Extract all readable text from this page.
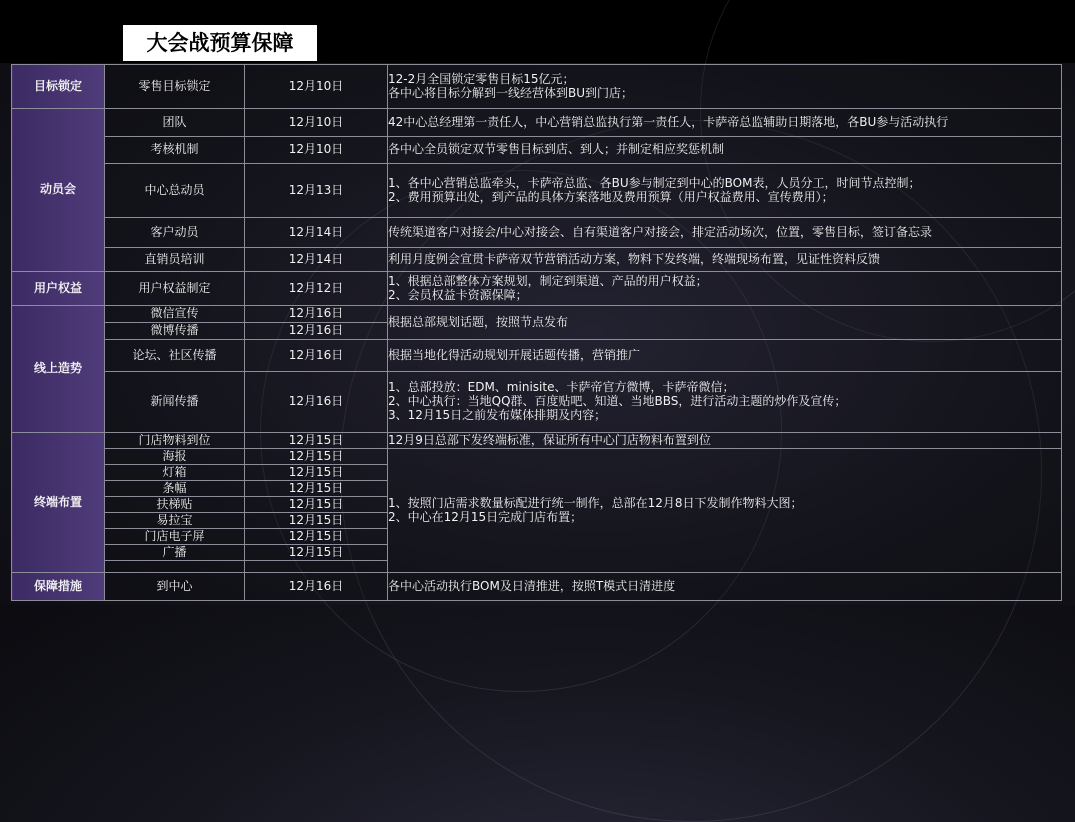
大会战预算保障
目标锁定	零售目标锁定	12月10日	12-2月全国锁定零售目标15亿元；
各中心将目标分解到一线经营体到BU到门店；

动员会	团队	12月10日	42中心总经理第一责任人，中心营销总监执行第一责任人，卡萨帝总监辅助日期落地，各BU参与活动执行

	考核机制	12月10日	各中心全员锁定双节零售目标到店、到人；并制定相应奖惩机制

	中心总动员	12月13日	1、各中心营销总监牵头，卡萨帝总监、各BU参与制定到中心的BOM表，人员分工，时间节点控制；
2、费用预算出处，到产品的具体方案落地及费用预算（用户权益费用、宣传费用）；

	客户动员	12月14日	传统渠道客户对接会/中心对接会、自有渠道客户对接会，排定活动场次，位置，零售目标，签订备忘录

	直销员培训	12月14日	利用月度例会宣贯卡萨帝双节营销活动方案，物料下发终端，终端现场布置，见证性资料反馈

用户权益	用户权益制定	12月12日	1、根据总部整体方案规划，制定到渠道、产品的用户权益；
2、会员权益卡资源保障；

线上造势	微信宣传	12月16日	根据总部规划话题，按照节点发布

	微博传播	12月16日	
	论坛、社区传播	12月16日	根据当地化得活动规划开展话题传播，营销推广

	新闻传播	12月16日	1、总部投放：EDM、minisite、卡萨帝官方微博，卡萨帝微信；
2、中心执行：当地QQ群、百度贴吧、知道、当地BBS，进行活动主题的炒作及宣传；
3、12月15日之前发布媒体排期及内容；

终端布置	门店物料到位	12月15日	12月9日总部下发终端标准，保证所有中心门店物料布置到位

	海报	12月15日	1、按照门店需求数量标配进行统一制作，总部在12月8日下发制作物料大图；
2、中心在12月15日完成门店布置；

	灯箱	12月15日	
	条幅	12月15日	
	扶梯贴	12月15日	
	易拉宝	12月15日	
	门店电子屏	12月15日	
	广播	12月15日	

保障措施	到中心	12月16日	各中心活动执行BOM及日清推进，按照T模式日清进度
